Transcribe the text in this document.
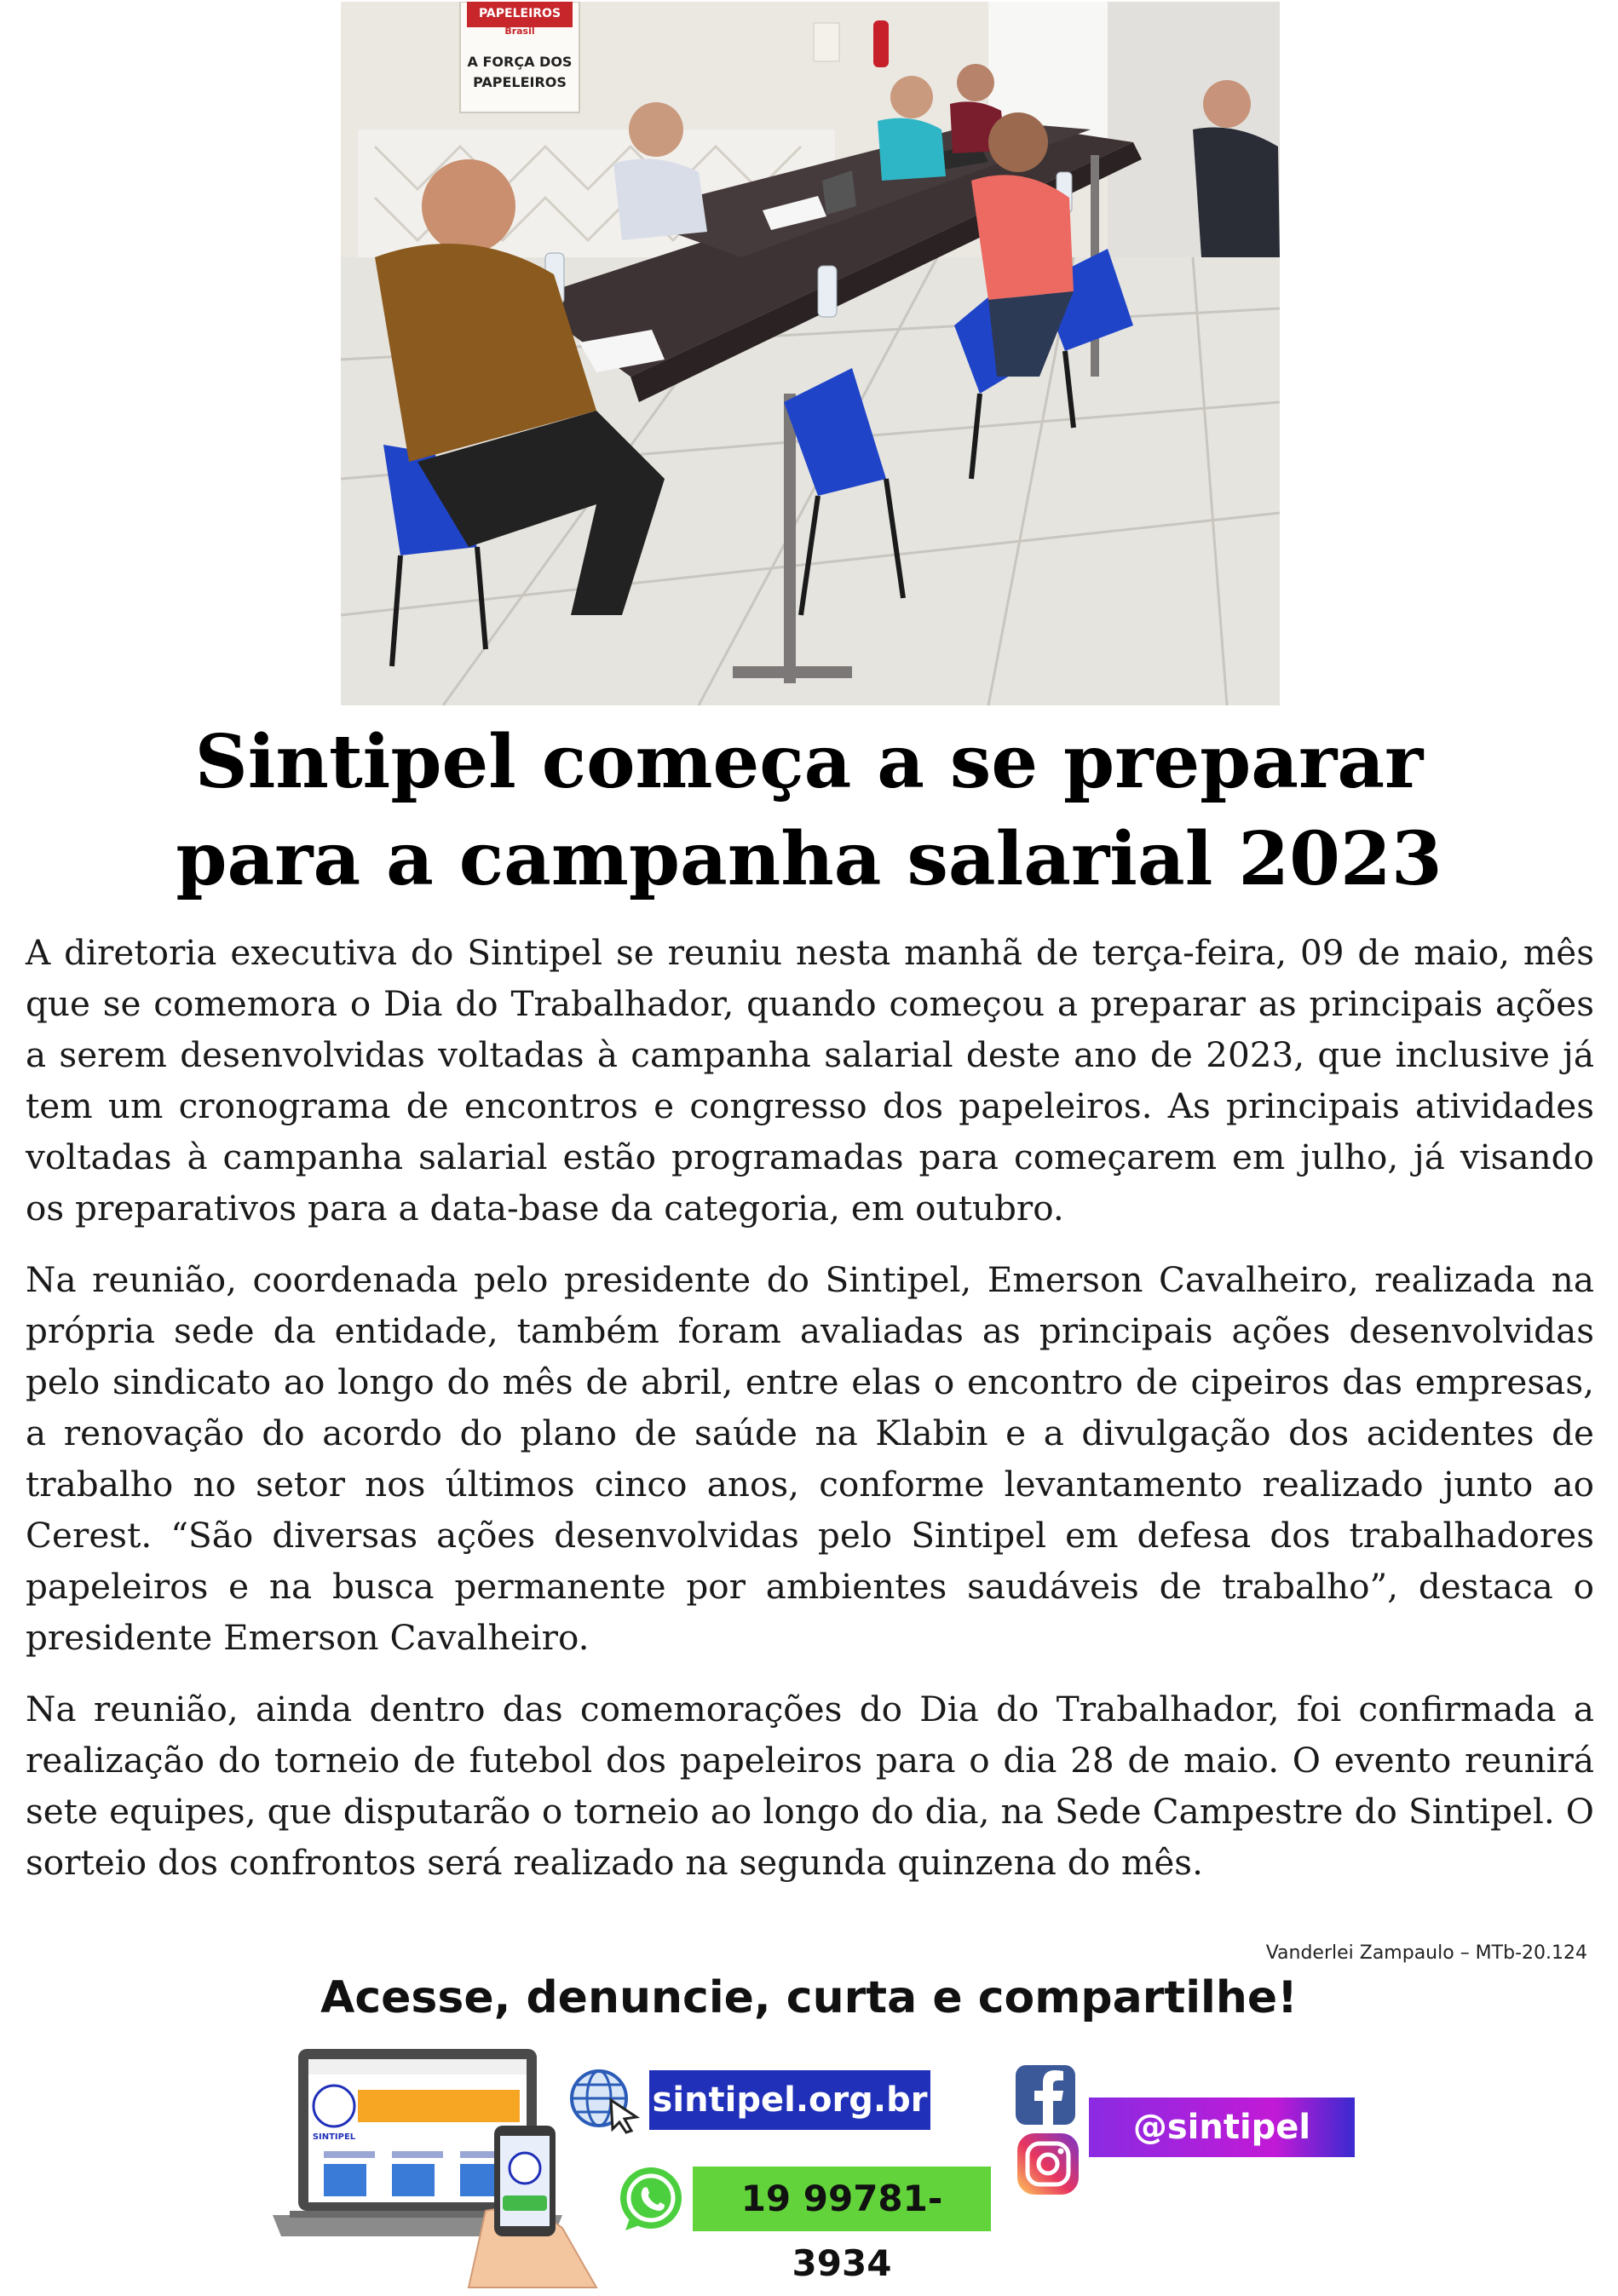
PAPELEIROS
Brasil
A FORÇA DOS
PAPELEIROS
Sintipel começa a se preparar
para a campanha salarial 2023

A diretoria executiva do Sintipel se reuniu nesta manhã de terça-feira, 09 de maio, mês que se comemora o Dia do Trabalhador, quando começou a preparar as principais ações a serem desenvolvidas voltadas à campanha salarial deste ano de 2023, que inclusive já tem um cronograma de encontros e congresso dos papeleiros. As principais atividades voltadas à campanha salarial estão programadas para começarem em julho, já visando os preparativos para a data-base da categoria, em outubro.

Na reunião, coordenada pelo presidente do Sintipel, Emerson Cavalheiro, realizada na própria sede da entidade, também foram avaliadas as principais ações desenvolvidas pelo sindicato ao longo do mês de abril, entre elas o encontro de cipeiros das empresas, a renovação do acordo do plano de saúde na Klabin e a divulgação dos acidentes de trabalho no setor nos últimos cinco anos, conforme levantamento realizado junto ao Cerest. “São diversas ações desenvolvidas pelo Sintipel em defesa dos trabalhadores papeleiros e na busca permanente por ambientes saudáveis de trabalho”, destaca o presidente Emerson Cavalheiro.

Na reunião, ainda dentro das comemorações do Dia do Trabalhador, foi confirmada a realização do torneio de futebol dos papeleiros para o dia 28 de maio. O evento reunirá sete equipes, que disputarão o torneio ao longo do dia, na Sede Campestre do Sintipel. O sorteio dos confrontos será realizado na segunda quinzena do mês.

Vanderlei Zampaulo – MTb-20.124
Acesse, denuncie, curta e compartilhe!
SINTIPEL
sintipel.org.br
19 99781-3934
@sintipel
